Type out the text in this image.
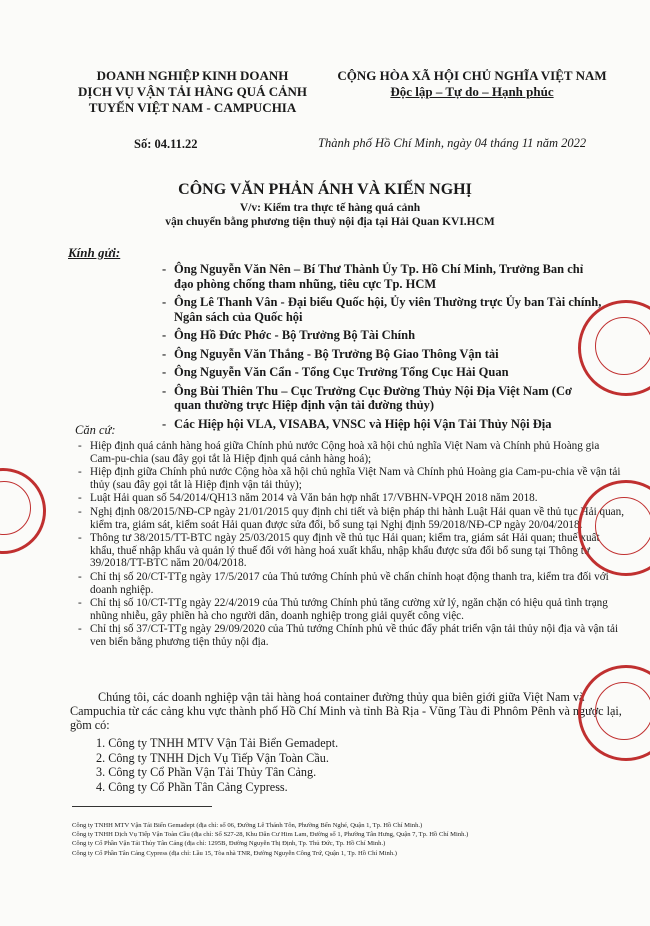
DOANH NGHIỆP KINH DOANH
DỊCH VỤ VẬN TẢI HÀNG QUÁ CẢNH
TUYẾN VIỆT NAM - CAMPUCHIA
CỘNG HÒA XÃ HỘI CHỦ NGHĨA VIỆT NAM
Độc lập – Tự do – Hạnh phúc
Số: 04.11.22	Thành phố Hồ Chí Minh, ngày 04 tháng 11 năm 2022
CÔNG VĂN PHẢN ÁNH VÀ KIẾN NGHỊ
V/v: Kiểm tra thực tế hàng quá cảnh
vận chuyển bằng phương tiện thuỷ nội địa tại Hải Quan KVI.HCM
Kính gửi:
- Ông Nguyễn Văn Nên – Bí Thư Thành Ủy Tp. Hồ Chí Minh, Trưởng Ban chỉ đạo phòng chống tham nhũng, tiêu cực Tp. HCM
- Ông Lê Thanh Vân - Đại biểu Quốc hội, Ủy viên Thường trực Ủy ban Tài chính, Ngân sách của Quốc hội
- Ông Hồ Đức Phớc - Bộ Trưởng Bộ Tài Chính
- Ông Nguyễn Văn Thắng - Bộ Trưởng Bộ Giao Thông Vận tải
- Ông Nguyễn Văn Cẩn - Tổng Cục Trưởng Tổng Cục Hải Quan
- Ông Bùi Thiên Thu – Cục Trưởng Cục Đường Thủy Nội Địa Việt Nam (Cơ quan thường trực Hiệp định vận tải đường thủy)
- Các Hiệp hội VLA, VISABA, VNSC và Hiệp hội Vận Tải Thủy Nội Địa
Căn cứ:
- Hiệp định quá cảnh hàng hoá giữa Chính phủ nước Cộng hoà xã hội chủ nghĩa Việt Nam và Chính phủ Hoàng gia Cam-pu-chia (sau đây gọi tắt là Hiệp định quá cảnh hàng hoá);
- Hiệp định giữa Chính phủ nước Cộng hòa xã hội chủ nghĩa Việt Nam và Chính phủ Hoàng gia Cam-pu-chia về vận tải thủy (sau đây gọi tắt là Hiệp định vận tải thủy);
- Luật Hải quan số 54/2014/QH13 năm 2014 và Văn bản hợp nhất 17/VBHN-VPQH 2018 năm 2018.
- Nghị định 08/2015/NĐ-CP ngày 21/01/2015 quy định chi tiết và biện pháp thi hành Luật Hải quan về thủ tục Hải quan, kiểm tra, giám sát, kiểm soát Hải quan được sửa đổi, bổ sung tại Nghị định 59/2018/NĐ-CP ngày 20/04/2018.
- Thông tư 38/2015/TT-BTC ngày 25/03/2015 quy định về thủ tục Hải quan; kiểm tra, giám sát Hải quan; thuế xuất khẩu, thuế nhập khẩu và quản lý thuế đối với hàng hoá xuất khẩu, nhập khẩu được sửa đổi bổ sung tại Thông tư 39/2018/TT-BTC năm 20/04/2018.
- Chỉ thị số 20/CT-TTg ngày 17/5/2017 của Thủ tướng Chính phủ về chấn chỉnh hoạt động thanh tra, kiểm tra đối với doanh nghiệp.
- Chỉ thị số 10/CT-TTg ngày 22/4/2019 của Thủ tướng Chính phủ tăng cường xử lý, ngăn chặn có hiệu quả tình trạng nhũng nhiễu, gây phiền hà cho người dân, doanh nghiệp trong giải quyết công việc.
- Chỉ thị số 37/CT-TTg ngày 29/09/2020 của Thủ tướng Chính phủ về thúc đẩy phát triển vận tải thủy nội địa và vận tải ven biển bằng phương tiện thủy nội địa.
Chúng tôi, các doanh nghiệp vận tải hàng hoá container đường thủy qua biên giới giữa Việt Nam và Campuchia từ các cảng khu vực thành phố Hồ Chí Minh và tỉnh Bà Rịa - Vũng Tàu đi Phnôm Pênh và ngược lại, gồm có:
1. Công ty TNHH MTV Vận Tải Biển Gemadept.
2. Công ty TNHH Dịch Vụ Tiếp Vận Toàn Cầu.
3. Công ty Cổ Phần Vận Tải Thủy Tân Cảng.
4. Công ty Cổ Phần Tân Cảng Cypress.
Công ty TNHH MTV Vận Tải Biển Gemadept (địa chỉ: số 06, Đường Lê Thánh Tôn, Phường Bến Nghé, Quận 1, Tp. Hồ Chí Minh.)
Công ty TNHH Dịch Vụ Tiếp Vận Toàn Cầu (địa chỉ: Số S27-28, Khu Dân Cư Him Lam, Đường số 1, Phường Tân Hưng, Quận 7, Tp. Hồ Chí Minh.)
Công ty Cổ Phần Vận Tải Thủy Tân Cảng (địa chỉ: 1295B, Đường Nguyễn Thị Định, Tp. Thủ Đức, Tp. Hồ Chí Minh.)
Công ty Cổ Phần Tân Cảng Cypress (địa chỉ: Lầu 15, Tòa nhà TNR, Đường Nguyễn Công Trứ, Quận 1, Tp. Hồ Chí Minh.)
